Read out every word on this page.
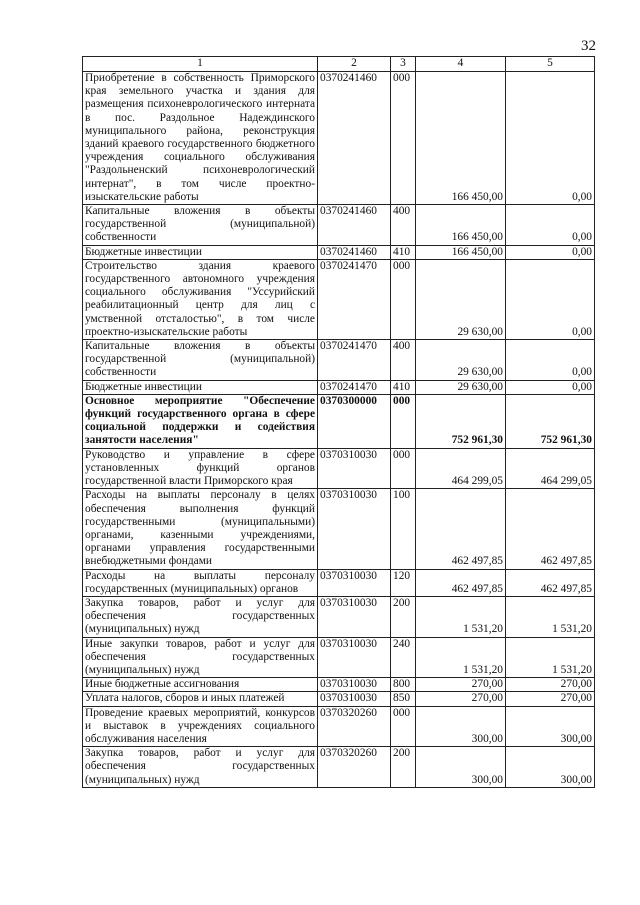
32
1	2	3	4	5
Приобретение в собственность Приморского края земельного участка и здания для размещения психоневрологического интерната в пос. Раздольное Надеждинского муниципального района, реконструкция зданий краевого государственного бюджетного учреждения социального обслуживания "Раздольненский психоневрологический интернат", в том числе проектно-изыскательские работы	0370241460	000	166 450,00	0,00
Капитальные вложения в объекты государственной (муниципальной) собственности	0370241460	400	166 450,00	0,00
Бюджетные инвестиции	0370241460	410	166 450,00	0,00
Строительство здания краевого государственного автономного учреждения социального обслуживания "Уссурийский реабилитационный центр для лиц с умственной отсталостью", в том числе проектно-изыскательские работы	0370241470	000	29 630,00	0,00
Капитальные вложения в объекты государственной (муниципальной) собственности	0370241470	400	29 630,00	0,00
Бюджетные инвестиции	0370241470	410	29 630,00	0,00
Основное мероприятие "Обеспечение функций государственного органа в сфере социальной поддержки и содействия занятости населения"	0370300000	000	752 961,30	752 961,30
Руководство и управление в сфере установленных функций органов государственной власти Приморского края	0370310030	000	464 299,05	464 299,05
Расходы на выплаты персоналу в целях обеспечения выполнения функций государственными (муниципальными) органами, казенными учреждениями, органами управления государственными внебюджетными фондами	0370310030	100	462 497,85	462 497,85
Расходы на выплаты персоналу государственных (муниципальных) органов	0370310030	120	462 497,85	462 497,85
Закупка товаров, работ и услуг для обеспечения государственных (муниципальных) нужд	0370310030	200	1 531,20	1 531,20
Иные закупки товаров, работ и услуг для обеспечения государственных (муниципальных) нужд	0370310030	240	1 531,20	1 531,20
Иные бюджетные ассигнования	0370310030	800	270,00	270,00
Уплата налогов, сборов и иных платежей	0370310030	850	270,00	270,00
Проведение краевых мероприятий, конкурсов и выставок в учреждениях социального обслуживания населения	0370320260	000	300,00	300,00
Закупка товаров, работ и услуг для обеспечения государственных (муниципальных) нужд	0370320260	200	300,00	300,00
